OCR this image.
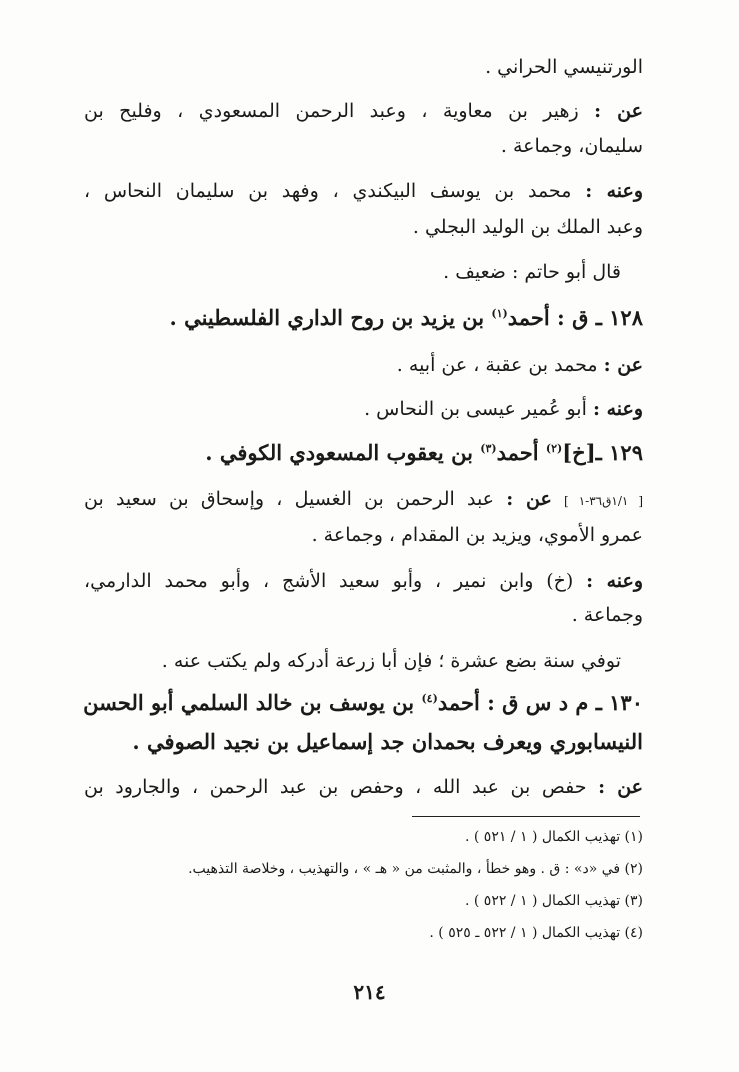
الورتنيسي الحراني .
عن : زهير بن معاوية ، وعبد الرحمن المسعودي ، وفليح بن
سليمان، وجماعة .
وعنه : محمد بن يوسف البيكندي ، وفهد بن سليمان النحاس ،
وعبد الملك بن الوليد البجلي .
قال أبو حاتم : ضعيف .
١٢٨ ـ ق : أحمد$^{(١)}$ بن يزيد بن روح الداري الفلسطيني .
عن : محمد بن عقبة ، عن أبيه .
وعنه : أبو عُمير عيسى بن النحاس .
١٢٩ ـ[خ]$^{(٢)}$ أحمد$^{(٣)}$ بن يعقوب المسعودي الكوفي .
[ ١/١ق٣٦-١ ] عن : عبد الرحمن بن الغسيل ، وإسحاق بن سعيد بن
عمرو الأموي، ويزيد بن المقدام ، وجماعة .
وعنه : (خ) وابن نمير ، وأبو سعيد الأشج ، وأبو محمد الدارمي،
وجماعة .
توفي سنة بضع عشرة ؛ فإن أبا زرعة أدركه ولم يكتب عنه .
١٣٠ ـ م د س ق : أحمد$^{(٤)}$ بن يوسف بن خالد السلمي أبو الحسن
النيسابوري ويعرف بحمدان جد إسماعيل بن نجيد الصوفي .
عن : حفص بن عبد الله ، وحفص بن عبد الرحمن ، والجارود بن
(١) تهذيب الكمال ( ١ / ٥٢١ ) .
(٢) في «د» : ق . وهو خطأ ، والمثبت من « هـ » ، والتهذيب ، وخلاصة التذهيب.
(٣) تهذيب الكمال ( ١ / ٥٢٢ ) .
(٤) تهذيب الكمال ( ١ / ٥٢٢ ـ ٥٢٥ ) .
٢١٤
